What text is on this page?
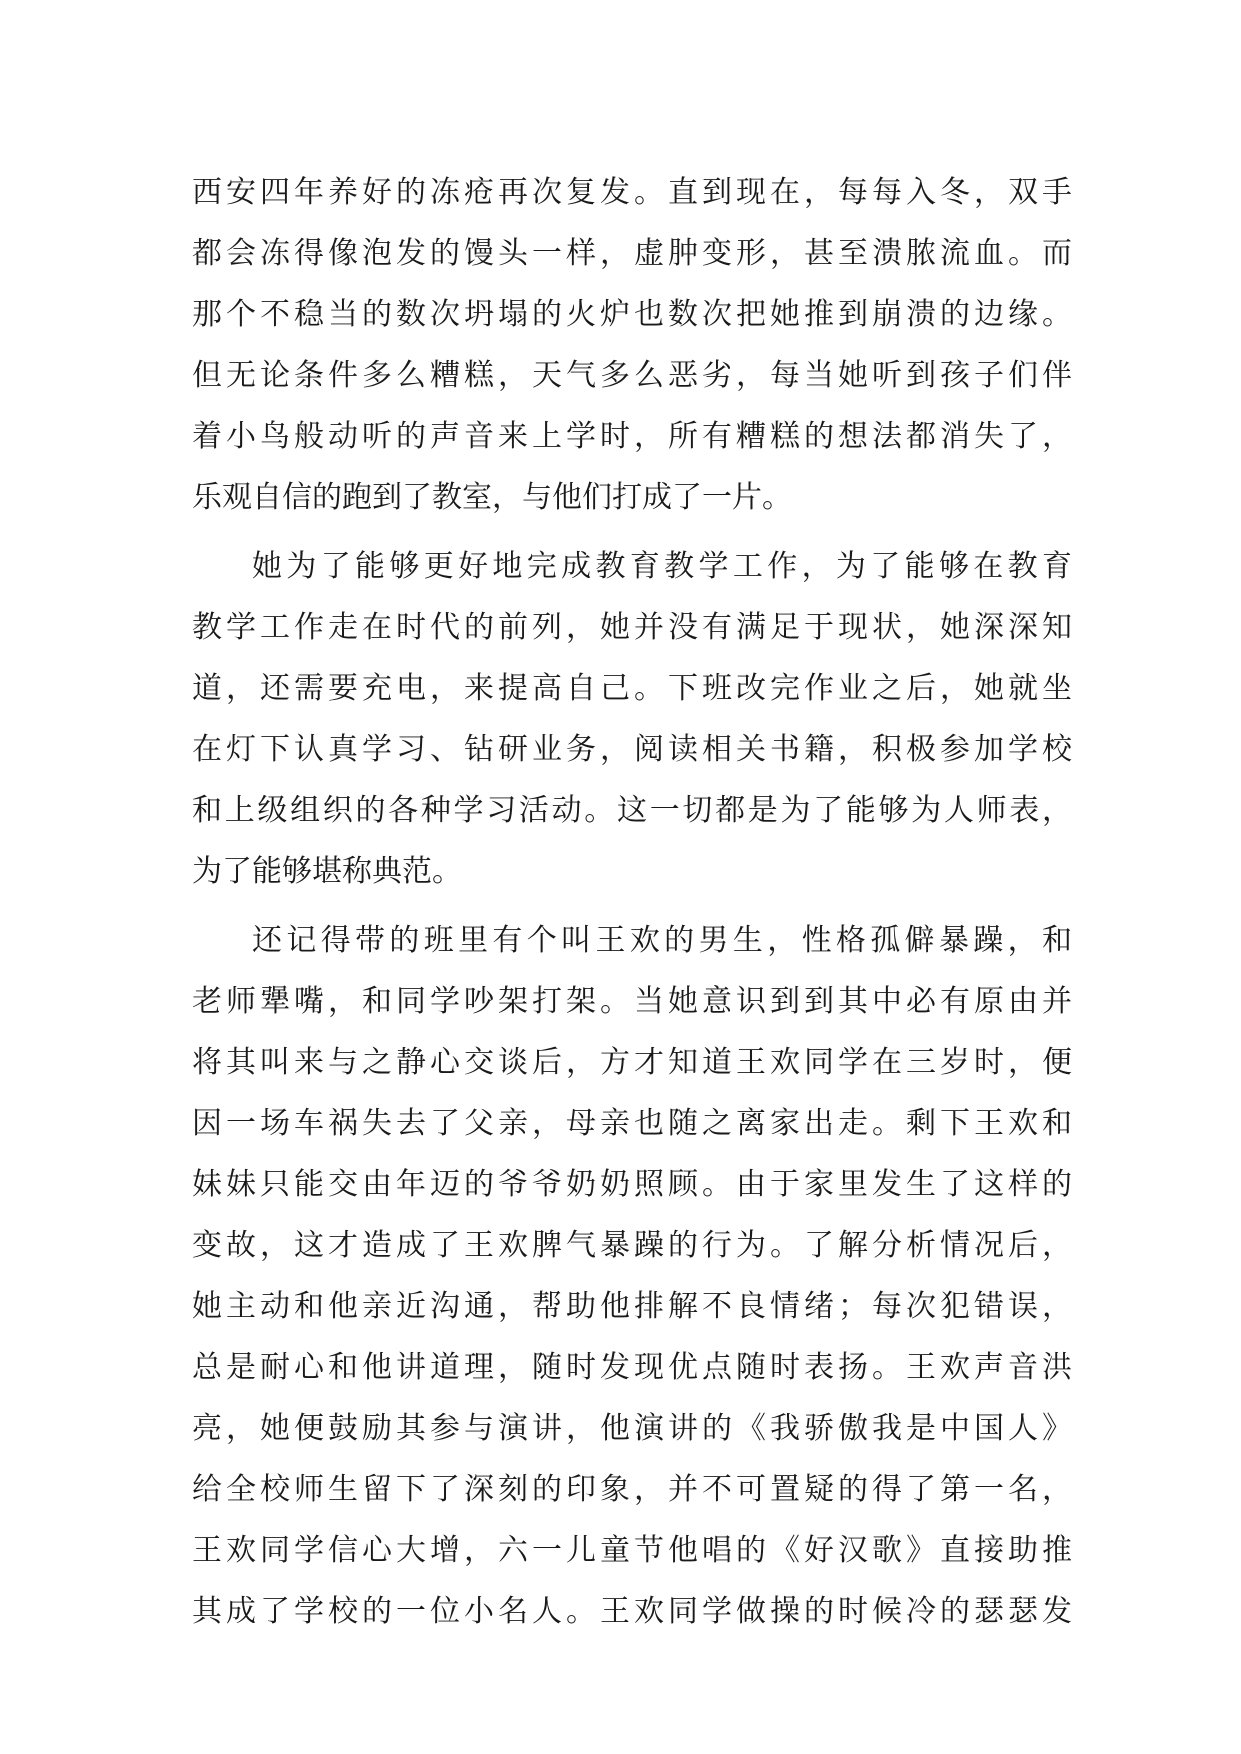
西安四年养好的冻疮再次复发。直到现在，每每入冬，双手
都会冻得像泡发的馒头一样，虚肿变形，甚至溃脓流血。而
那个不稳当的数次坍塌的火炉也数次把她推到崩溃的边缘。
但无论条件多么糟糕，天气多么恶劣，每当她听到孩子们伴
着小鸟般动听的声音来上学时，所有糟糕的想法都消失了，
乐观自信的跑到了教室，与他们打成了一片。
她为了能够更好地完成教育教学工作，为了能够在教育
教学工作走在时代的前列，她并没有满足于现状，她深深知
道，还需要充电，来提高自己。下班改完作业之后，她就坐
在灯下认真学习、钻研业务，阅读相关书籍，积极参加学校
和上级组织的各种学习活动。这一切都是为了能够为人师表，
为了能够堪称典范。
还记得带的班里有个叫王欢的男生，性格孤僻暴躁，和
老师犟嘴，和同学吵架打架。当她意识到到其中必有原由并
将其叫来与之静心交谈后，方才知道王欢同学在三岁时，便
因一场车祸失去了父亲，母亲也随之离家出走。剩下王欢和
妹妹只能交由年迈的爷爷奶奶照顾。由于家里发生了这样的
变故，这才造成了王欢脾气暴躁的行为。了解分析情况后，
她主动和他亲近沟通，帮助他排解不良情绪；每次犯错误，
总是耐心和他讲道理，随时发现优点随时表扬。王欢声音洪
亮，她便鼓励其参与演讲，他演讲的《我骄傲我是中国人》
给全校师生留下了深刻的印象，并不可置疑的得了第一名，
王欢同学信心大增，六一儿童节他唱的《好汉歌》直接助推
其成了学校的一位小名人。王欢同学做操的时候冷的瑟瑟发
